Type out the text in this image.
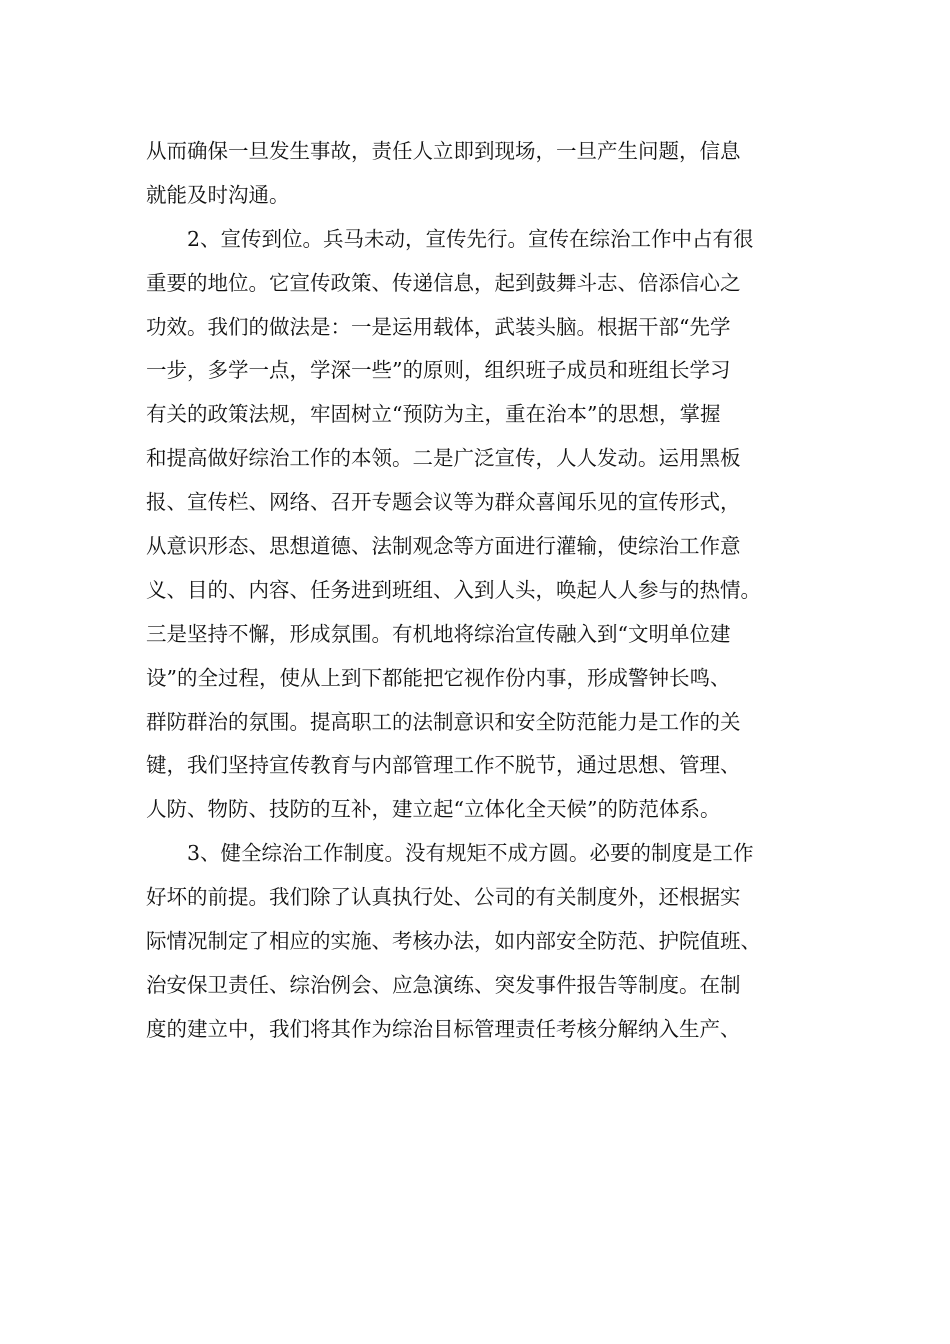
从而确保一旦发生事故，责任人立即到现场，一旦产生问题，信息
就能及时沟通。
　　2、宣传到位。兵马未动，宣传先行。宣传在综治工作中占有很
重要的地位。它宣传政策、传递信息，起到鼓舞斗志、倍添信心之
功效。我们的做法是：一是运用载体，武装头脑。根据干部“先学
一步，多学一点，学深一些”的原则，组织班子成员和班组长学习
有关的政策法规，牢固树立“预防为主，重在治本”的思想，掌握
和提高做好综治工作的本领。二是广泛宣传，人人发动。运用黑板
报、宣传栏、网络、召开专题会议等为群众喜闻乐见的宣传形式，
从意识形态、思想道德、法制观念等方面进行灌输，使综治工作意
义、目的、内容、任务进到班组、入到人头，唤起人人参与的热情。
三是坚持不懈，形成氛围。有机地将综治宣传融入到“文明单位建
设”的全过程，使从上到下都能把它视作份内事，形成警钟长鸣、
群防群治的氛围。提高职工的法制意识和安全防范能力是工作的关
键，我们坚持宣传教育与内部管理工作不脱节，通过思想、管理、
人防、物防、技防的互补，建立起“立体化全天候”的防范体系。
　　3、健全综治工作制度。没有规矩不成方圆。必要的制度是工作
好坏的前提。我们除了认真执行处、公司的有关制度外，还根据实
际情况制定了相应的实施、考核办法，如内部安全防范、护院值班、
治安保卫责任、综治例会、应急演练、突发事件报告等制度。在制
度的建立中，我们将其作为综治目标管理责任考核分解纳入生产、
